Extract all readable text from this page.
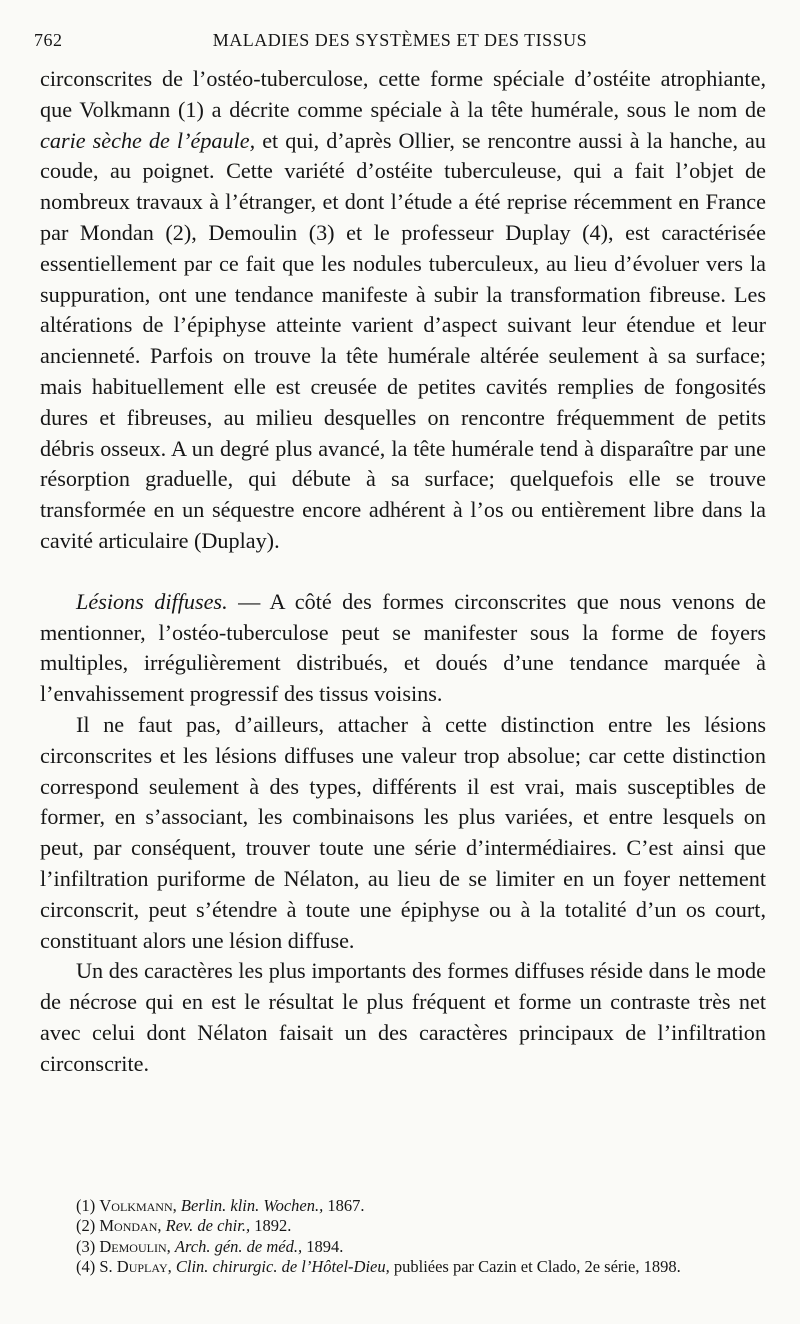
762	MALADIES DES SYSTÈMES ET DES TISSUS

circonscrites de l’ostéo-tuberculose, cette forme spéciale d’ostéite atrophiante, que Volkmann (1) a décrite comme spéciale à la tête humérale, sous le nom de carie sèche de l’épaule, et qui, d’après Ollier, se rencontre aussi à la hanche, au coude, au poignet. Cette variété d’ostéite tuberculeuse, qui a fait l’objet de nombreux travaux à l’étranger, et dont l’étude a été reprise récemment en France par Mondan (2), Demoulin (3) et le professeur Duplay (4), est caractérisée essentiellement par ce fait que les nodules tuberculeux, au lieu d’évoluer vers la suppuration, ont une tendance manifeste à subir la transformation fibreuse. Les altérations de l’épiphyse atteinte varient d’aspect suivant leur étendue et leur ancienneté. Parfois on trouve la tête humérale altérée seulement à sa surface; mais habituellement elle est creusée de petites cavités remplies de fongosités dures et fibreuses, au milieu desquelles on rencontre fréquemment de petits débris osseux. A un degré plus avancé, la tête humérale tend à disparaître par une résorption graduelle, qui débute à sa surface; quelquefois elle se trouve transformée en un séquestre encore adhérent à l’os ou entièrement libre dans la cavité articulaire (Duplay).

Lésions diffuses. — A côté des formes circonscrites que nous venons de mentionner, l’ostéo-tuberculose peut se manifester sous la forme de foyers multiples, irrégulièrement distribués, et doués d’une tendance marquée à l’envahissement progressif des tissus voisins.

Il ne faut pas, d’ailleurs, attacher à cette distinction entre les lésions circonscrites et les lésions diffuses une valeur trop absolue; car cette distinction correspond seulement à des types, différents il est vrai, mais susceptibles de former, en s’associant, les combinaisons les plus variées, et entre lesquels on peut, par conséquent, trouver toute une série d’intermédiaires. C’est ainsi que l’infiltration puriforme de Nélaton, au lieu de se limiter en un foyer nettement circonscrit, peut s’étendre à toute une épiphyse ou à la totalité d’un os court, constituant alors une lésion diffuse.

Un des caractères les plus importants des formes diffuses réside dans le mode de nécrose qui en est le résultat le plus fréquent et forme un contraste très net avec celui dont Nélaton faisait un des caractères principaux de l’infiltration circonscrite.

(1) Volkmann, Berlin. klin. Wochen., 1867.

(2) Mondan, Rev. de chir., 1892.

(3) Demoulin, Arch. gén. de méd., 1894.

(4) S. Duplay, Clin. chirurgic. de l’Hôtel-Dieu, publiées par Cazin et Clado, 2e série, 1898.
